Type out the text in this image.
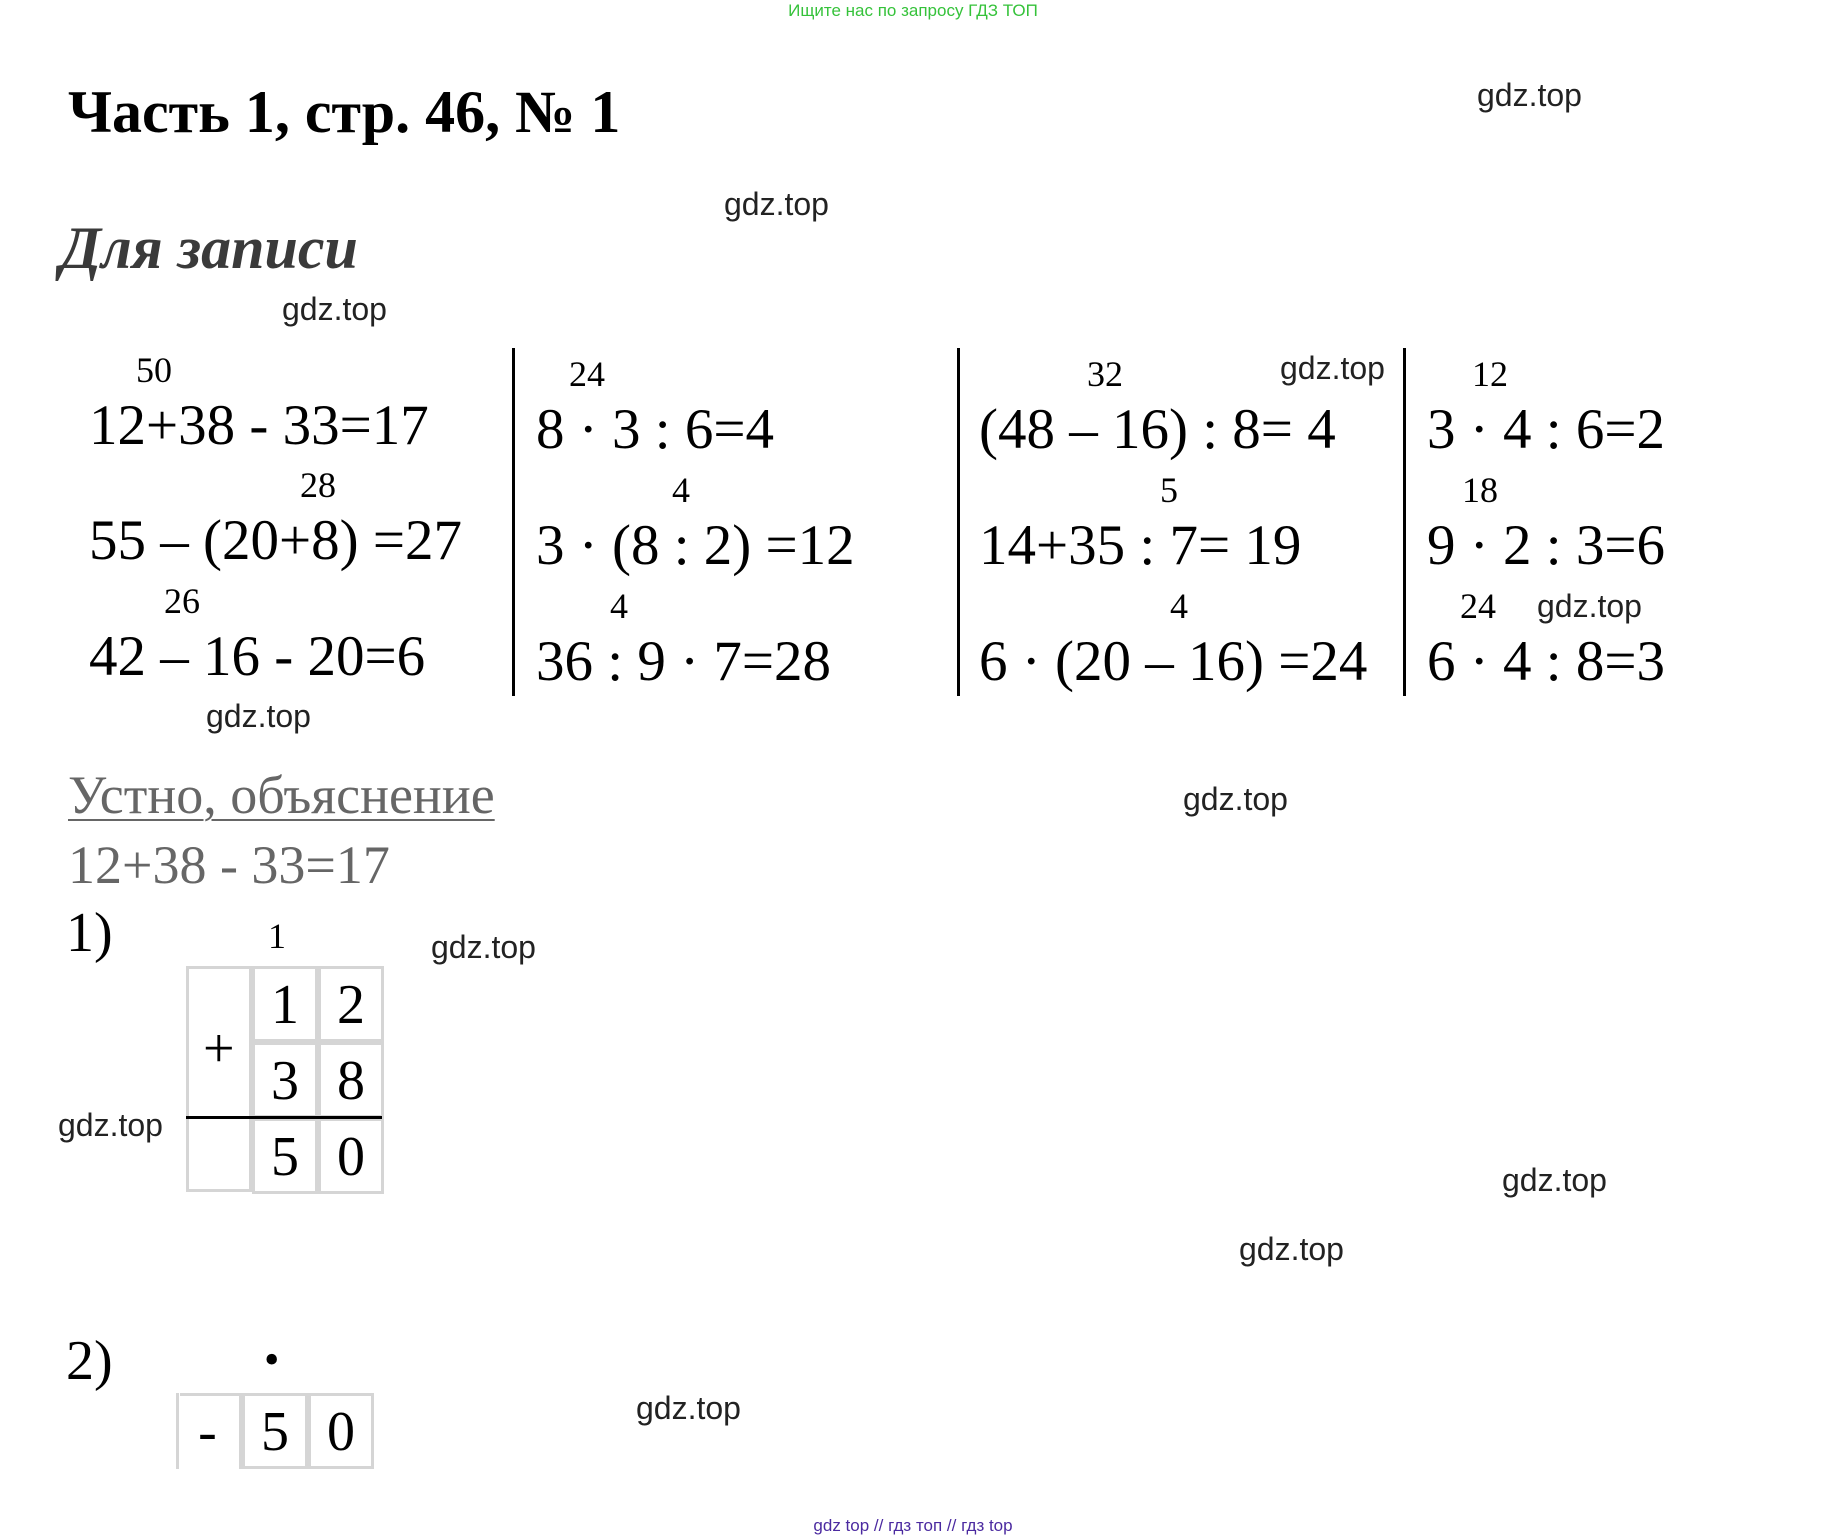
Ищите нас по запросу ГДЗ ТОП
Часть 1, стр. 46, № 1
Для записи
gdz.top
gdz.top
gdz.top
gdz.top
gdz.top
gdz.top
gdz.top
gdz.top
gdz.top
gdz.top
gdz.top
gdz.top
50
12+38 - 33=17
28
55 – (20+8) =27
26
42 – 16 - 20=6
24
8 · 3 : 6=4
4
3 · (8 : 2) =12
4
36 : 9 · 7=28
32
(48 – 16) : 8= 4
5
14+35 : 7= 19
4
6 · (20 – 16) =24
12
3 · 4 : 6=2
18
9 · 2 : 3=6
24
6 · 4 : 8=3
Устно, объяснение
12+38 - 33=17
1)	1
+
1 2
3 8
5 0
2)	•
- 5 0
gdz top // гдз топ // гдз top
